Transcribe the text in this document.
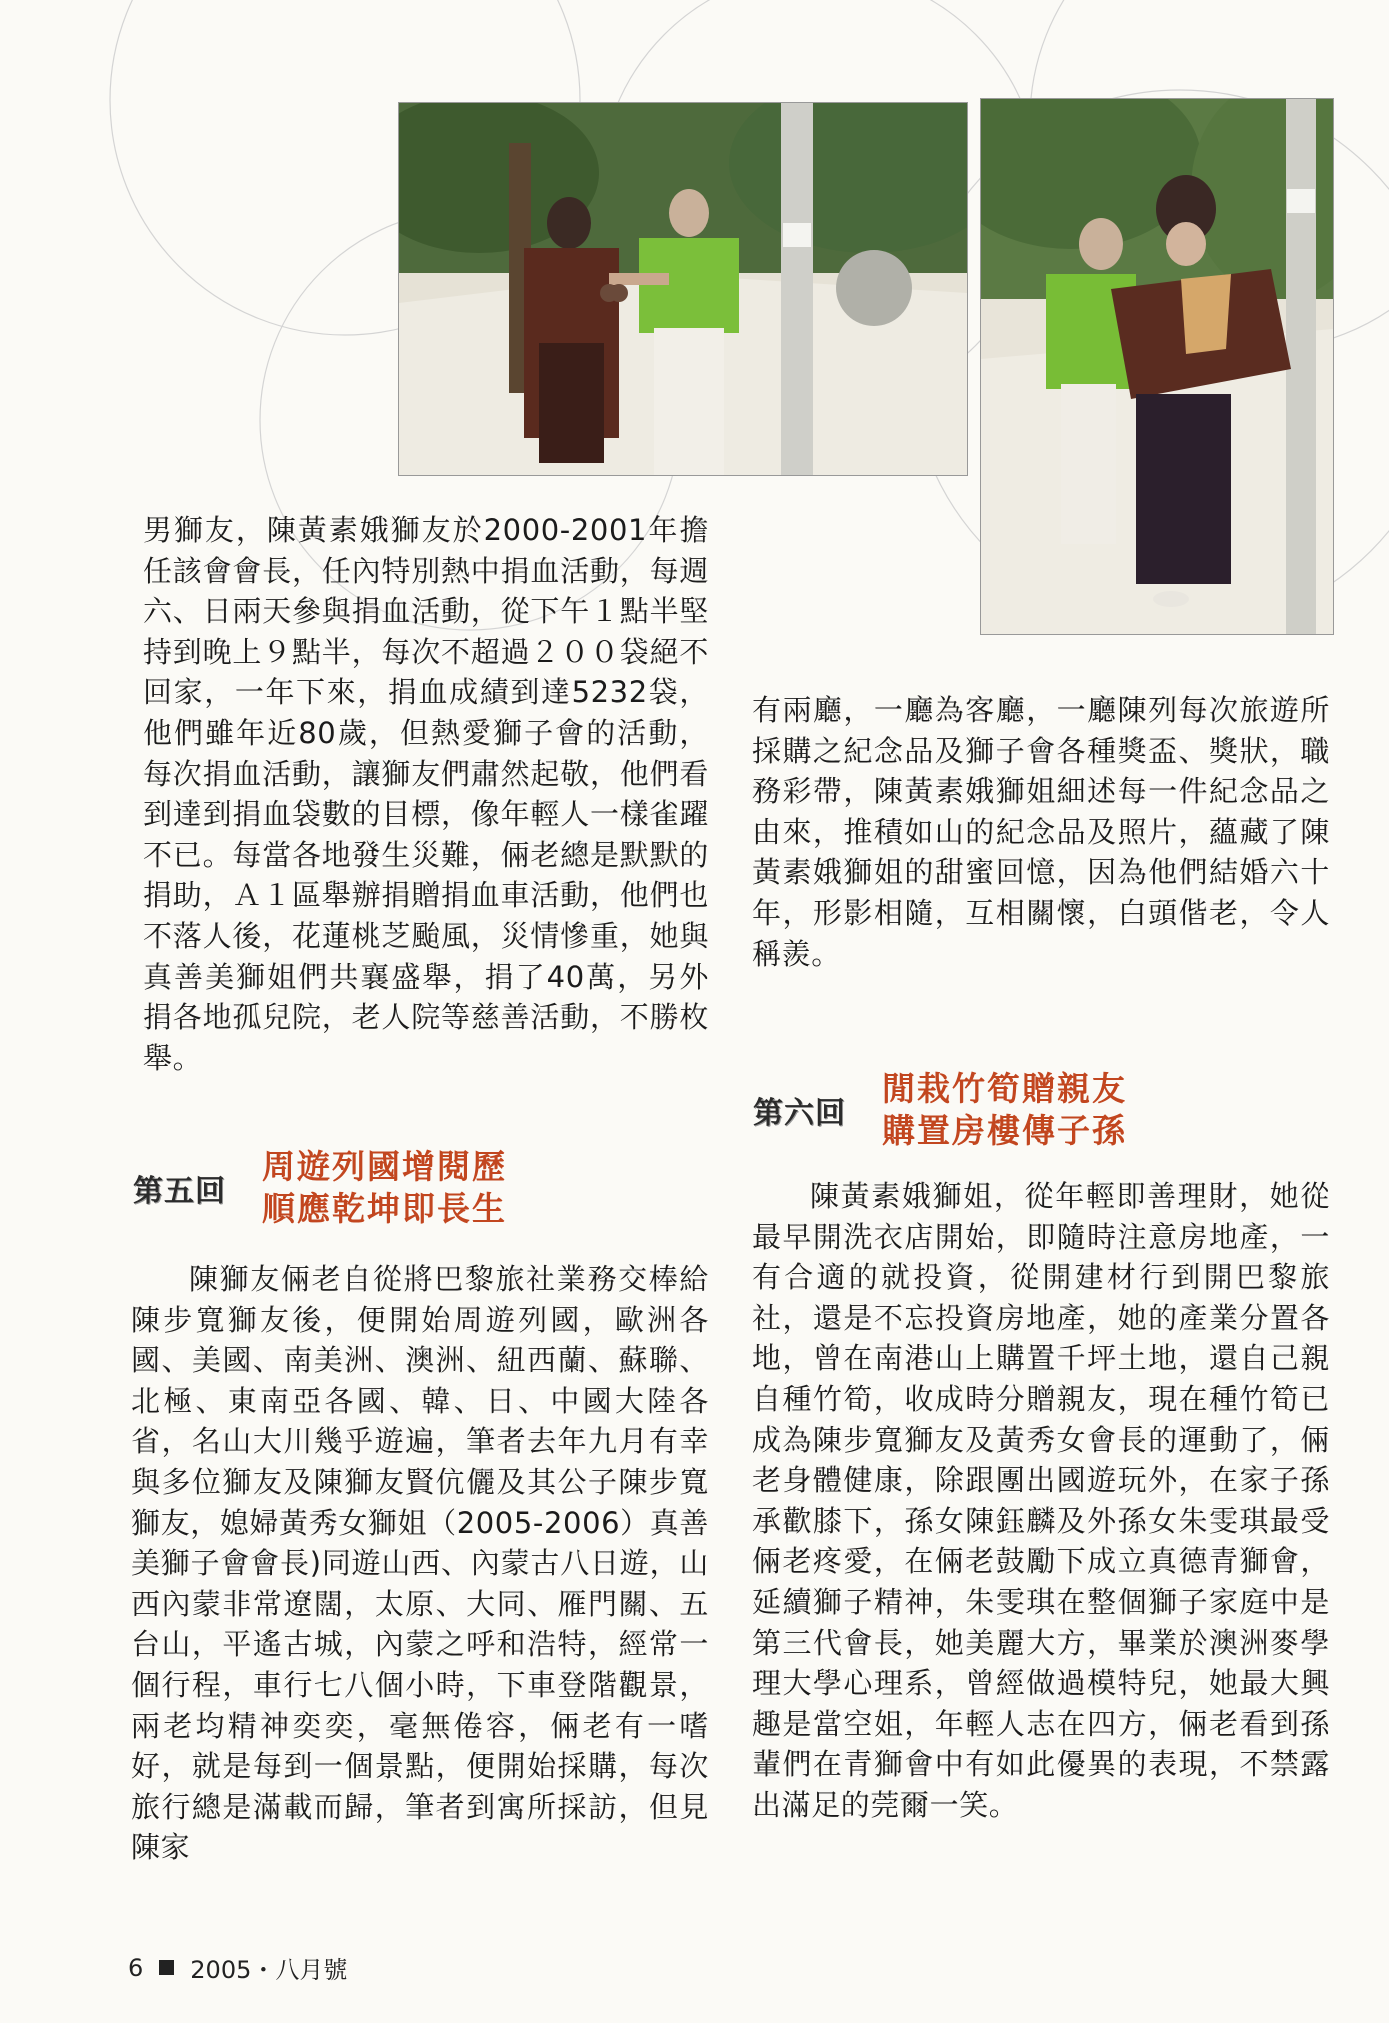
男獅友，陳黃素娥獅友於2000-2001年擔任該會會長，任內特別熱中捐血活動，每週六、日兩天參與捐血活動，從下午１點半堅持到晚上９點半，每次不超過２００袋絕不回家，一年下來，捐血成績到達5232袋，他們雖年近80歲，但熱愛獅子會的活動，每次捐血活動，讓獅友們肅然起敬，他們看到達到捐血袋數的目標，像年輕人一樣雀躍不已。每當各地發生災難，倆老總是默默的捐助，Ａ１區舉辦捐贈捐血車活動，他們也不落人後，花蓮桃芝颱風，災情慘重，她與真善美獅姐們共襄盛舉，捐了40萬，另外捐各地孤兒院，老人院等慈善活動，不勝枚舉。

第五回
周遊列國增閱歷
順應乾坤即長生

陳獅友倆老自從將巴黎旅社業務交棒給陳步寬獅友後，便開始周遊列國，歐洲各國、美國、南美洲、澳洲、紐西蘭、蘇聯、北極、東南亞各國、韓、日、中國大陸各省，名山大川幾乎遊遍，筆者去年九月有幸與多位獅友及陳獅友賢伉儷及其公子陳步寬獅友，媳婦黃秀女獅姐（2005-2006）真善美獅子會會長)同遊山西、內蒙古八日遊，山西內蒙非常遼闊，太原、大同、雁門關、五台山，平遙古城，內蒙之呼和浩特，經常一個行程，車行七八個小時，下車登階觀景，兩老均精神奕奕，毫無倦容，倆老有一嗜好，就是每到一個景點，便開始採購，每次旅行總是滿載而歸，筆者到寓所採訪，但見陳家

有兩廳，一廳為客廳，一廳陳列每次旅遊所採購之紀念品及獅子會各種獎盃、獎狀，職務彩帶，陳黃素娥獅姐細述每一件紀念品之由來，推積如山的紀念品及照片，蘊藏了陳黃素娥獅姐的甜蜜回憶，因為他們結婚六十年，形影相隨，互相關懷，白頭偕老，令人稱羨。

第六回
閒栽竹筍贈親友
購置房樓傳子孫

陳黃素娥獅姐，從年輕即善理財，她從最早開洗衣店開始，即隨時注意房地產，一有合適的就投資，從開建材行到開巴黎旅社，還是不忘投資房地產，她的產業分置各地，曾在南港山上購置千坪土地，還自己親自種竹筍，收成時分贈親友，現在種竹筍已成為陳步寬獅友及黃秀女會長的運動了，倆老身體健康，除跟團出國遊玩外，在家子孫承歡膝下，孫女陳鈺麟及外孫女朱雯琪最受倆老疼愛，在倆老鼓勵下成立真德青獅會，延續獅子精神，朱雯琪在整個獅子家庭中是第三代會長，她美麗大方，畢業於澳洲麥學理大學心理系，曾經做過模特兒，她最大興趣是當空姐，年輕人志在四方，倆老看到孫輩們在青獅會中有如此優異的表現，不禁露出滿足的莞爾一笑。

6 2005・八月號
